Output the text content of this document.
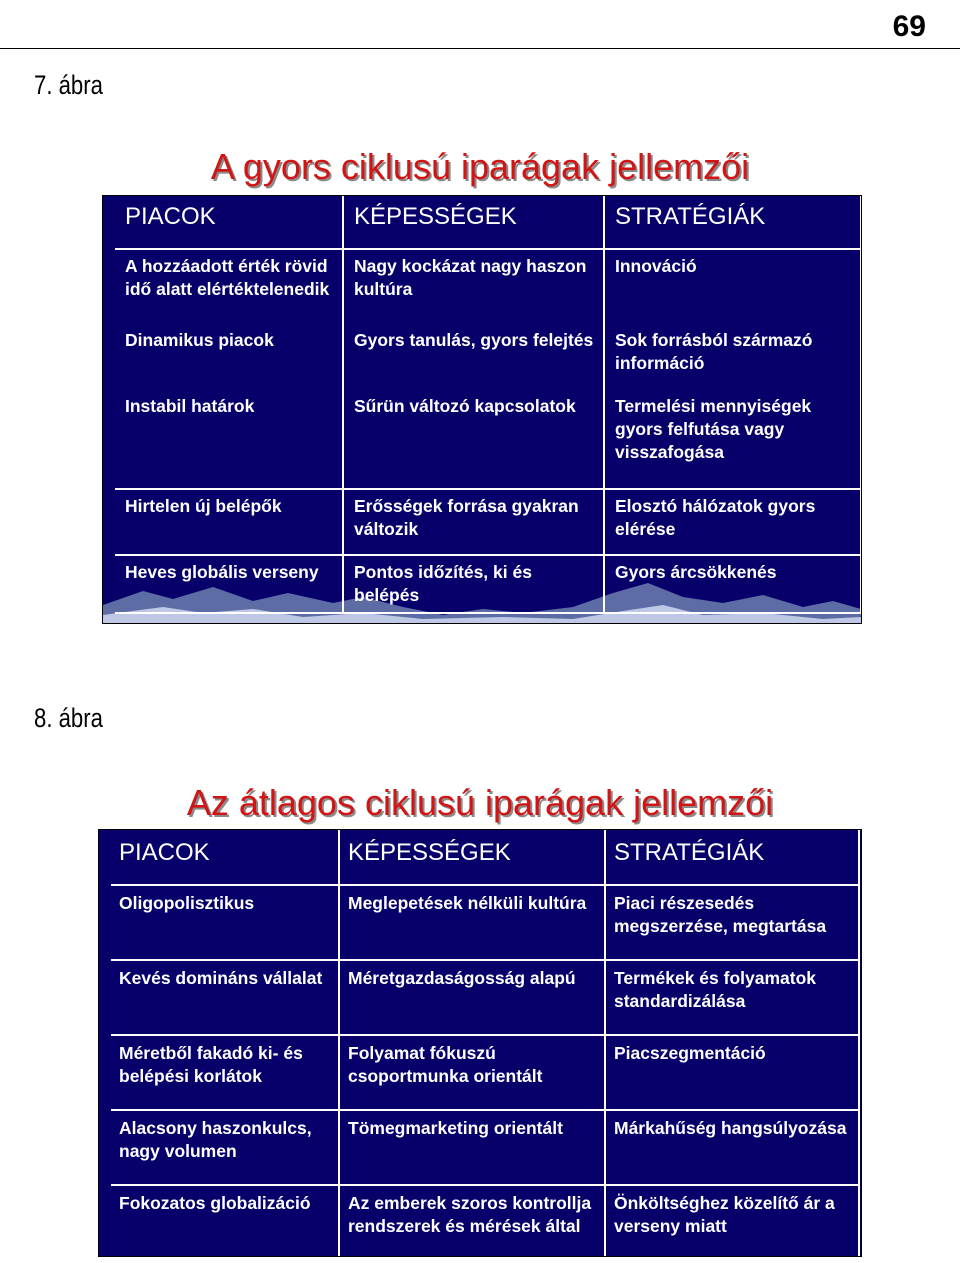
69
7. ábra
A gyors ciklusú iparágak jellemzői
PIACOK	KÉPESSÉGEK	STRATÉGIÁK

A hozzáadott érték rövid idő alatt elértéktelenedik	Nagy kockázat nagy haszon kultúra	Innováció

Dinamikus piacok	Gyors tanulás, gyors felejtés	Sok forrásból származó információ

Instabil határok	Sűrün változó kapcsolatok	Termelési mennyiségek gyors felfutása vagy visszafogása

Hirtelen új belépők	Erősségek forrása gyakran változik	Elosztó hálózatok gyors elérése

Heves globális verseny	Pontos időzítés, ki és belépés	Gyors árcsökkenés
8. ábra
Az átlagos ciklusú iparágak jellemzői
PIACOK	KÉPESSÉGEK	STRATÉGIÁK

Oligopolisztikus	Meglepetések nélküli kultúra	Piaci részesedés megszerzése, megtartása

Kevés domináns vállalat	Méretgazdaságosság alapú	Termékek és folyamatok standardizálása

Méretből fakadó ki- és belépési korlátok	Folyamat fókuszú csoportmunka orientált	Piacszegmentáció

Alacsony haszonkulcs, nagy volumen	Tömegmarketing orientált	Márkahűség hangsúlyozása

Fokozatos globalizáció	Az emberek szoros kontrollja rendszerek és mérések által	Önköltséghez közelítő ár a verseny miatt
